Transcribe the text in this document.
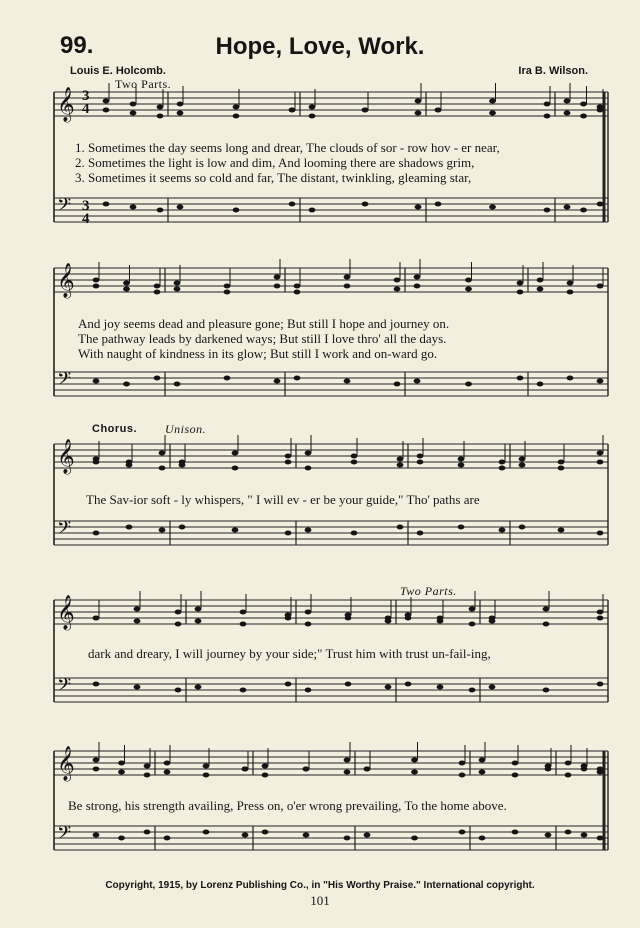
99.	Hope, Love, Work.
Louis E. Holcomb.	Ira B. Wilson.
𝄞
𝄢
𝄞
𝄢
𝄞
𝄢
𝄞
𝄢
𝄞
𝄢
Two Parts.
3
4
3
4
1. Sometimes the day seems long and drear, The clouds of sor - row hov - er near,
2. Sometimes the light is low and dim, And looming there are shadows grim,
3. Sometimes it seems so cold and far, The distant, twinkling, gleaming star,
And joy seems dead and pleasure gone; But still I hope and journey on.
The pathway leads by darkened ways; But still I love thro' all the days.
With naught of kindness in its glow; But still I work and on-ward go.
Chorus. Unison.
Two Parts.
The Sav-ior soft - ly whispers, " I will ev - er be your guide," Tho' paths are
dark and dreary, I will journey by your side;" Trust him with trust un-fail-ing,
Be strong, his strength availing, Press on, o'er wrong prevailing, To the home above.
Copyright, 1915, by Lorenz Publishing Co., in "His Worthy Praise." International copyright.
101
